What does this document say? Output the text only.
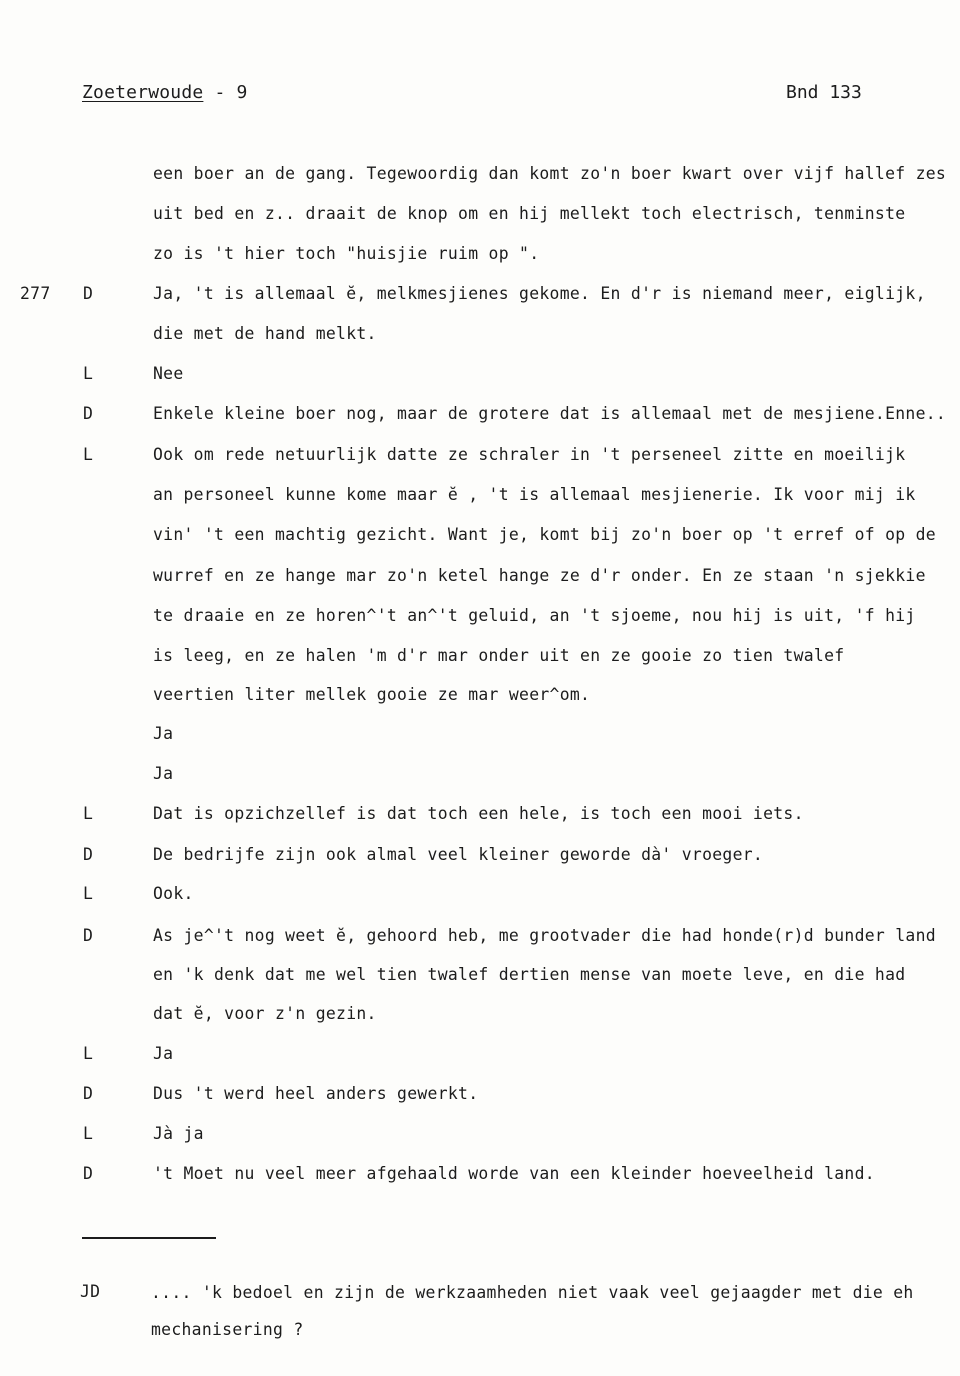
Zoeterwoude - 9	Bnd 133
een boer an de gang. Tegewoordig dan komt zo'n boer kwart over vijf hallef zes
uit bed en z.. draait de knop om en hij mellekt toch electrisch, tenminste
zo is 't hier toch "huisjie ruim op ".
277 D	Ja, 't is allemaal ĕ, melkmesjienes gekome. En d'r is niemand meer, eiglijk,
die met de hand melkt.
L	Nee
D	Enkele kleine boer nog, maar de grotere dat is allemaal met de mesjiene.Enne..
L	Ook om rede netuurlijk datte ze schraler in 't perseneel zitte en moeilijk
an personeel kunne kome maar ĕ , 't is allemaal mesjienerie. Ik voor mij ik
vin' 't een machtig gezicht. Want je, komt bij zo'n boer op 't erref of op de
wurref en ze hange mar zo'n ketel hange ze d'r onder. En ze staan 'n sjekkie
te draaie en ze horen^'t an^'t geluid, an 't sjoeme, nou hij is uit, 'f hij
is leeg, en ze halen 'm d'r mar onder uit en ze gooie zo tien twalef
veertien liter mellek gooie ze mar weer^om.
Ja
Ja
L	Dat is opzichzellef is dat toch een hele, is toch een mooi iets.
D	De bedrijfe zijn ook almal veel kleiner geworde dà' vroeger.
L	Ook.
D	As je^'t nog weet ĕ, gehoord heb, me grootvader die had honde(r)d bunder land
en 'k denk dat me wel tien twalef dertien mense van moete leve, en die had
dat ĕ, voor z'n gezin.
L	Ja
D	Dus 't werd heel anders gewerkt.
L	Jà ja
D	't Moet nu veel meer afgehaald worde van een kleinder hoeveelheid land.
JD	.... 'k bedoel en zijn de werkzaamheden niet vaak veel gejaagder met die eh
mechanisering ?
